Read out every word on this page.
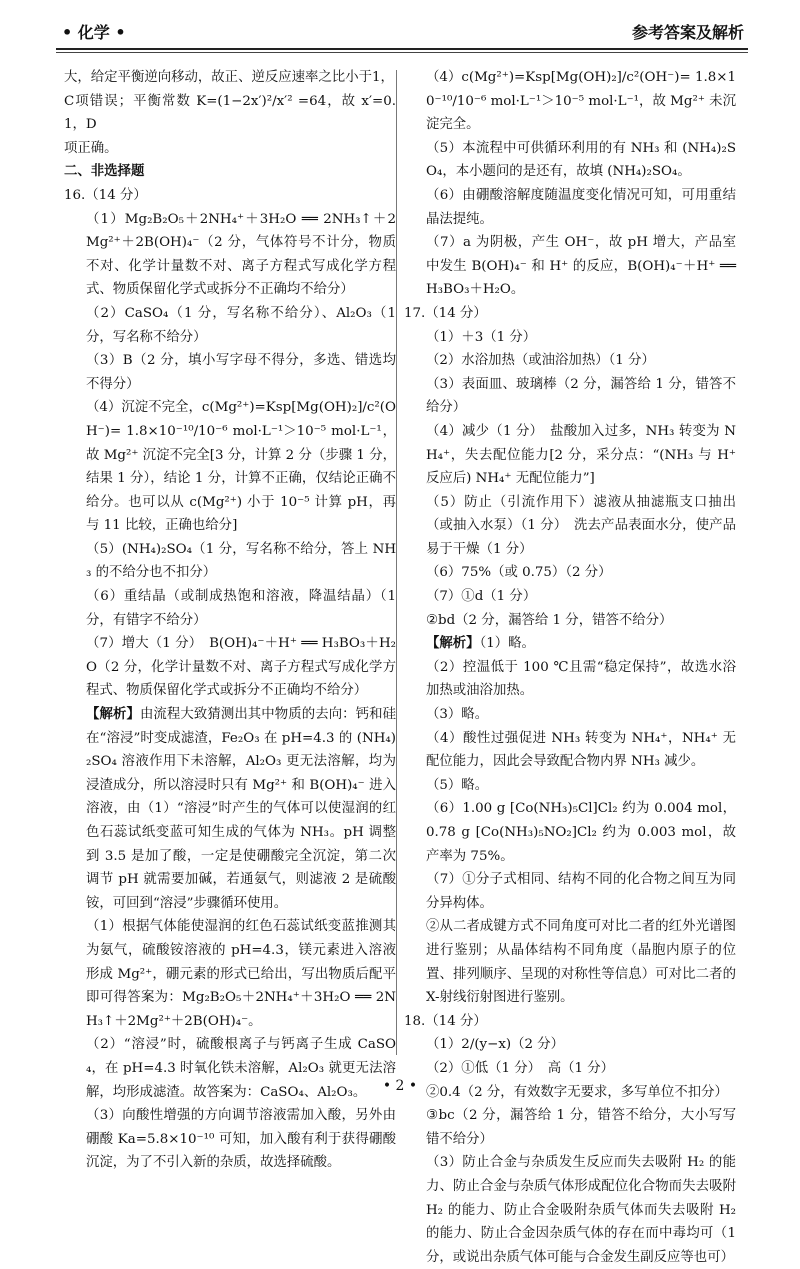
• 化学 •	参考答案及解析

大，给定平衡逆向移动，故正、逆反应速率之比小于1，

C项错误；平衡常数 K=(1−2x′)²/x′² =64，故 x′=0.1，D

项正确。

二、非选择题

16.（14 分）

（1）Mg₂B₂O₅＋2NH₄⁺＋3H₂O ══ 2NH₃↑＋2Mg²⁺＋2B(OH)₄⁻（2 分，气体符号不计分，物质不对、化学计量数不对、离子方程式写成化学方程式、物质保留化学式或拆分不正确均不给分）

（2）CaSO₄（1 分，写名称不给分）、Al₂O₃（1 分，写名称不给分）

（3）B（2 分，填小写字母不得分，多选、错选均不得分）

（4）沉淀不完全，c(Mg²⁺)=Ksp[Mg(OH)₂]/c²(OH⁻)= 1.8×10⁻¹⁰/10⁻⁶ mol·L⁻¹＞10⁻⁵ mol·L⁻¹，故 Mg²⁺ 沉淀不完全[3 分，计算 2 分（步骤 1 分，结果 1 分），结论 1 分，计算不正确，仅结论正确不给分。也可以从 c(Mg²⁺) 小于 10⁻⁵ 计算 pH，再与 11 比较，正确也给分]

（5）(NH₄)₂SO₄（1 分，写名称不给分，答上 NH₃ 的不给分也不扣分）

（6）重结晶（或制成热饱和溶液，降温结晶）（1 分，有错字不给分）

（7）增大（1 分）　B(OH)₄⁻＋H⁺ ══ H₃BO₃＋H₂O（2 分，化学计量数不对、离子方程式写成化学方程式、物质保留化学式或拆分不正确均不给分）

【解析】由流程大致猜测出其中物质的去向：钙和硅在“溶浸”时变成滤渣，Fe₂O₃ 在 pH=4.3 的 (NH₄)₂SO₄ 溶液作用下未溶解，Al₂O₃ 更无法溶解，均为浸渣成分，所以溶浸时只有 Mg²⁺ 和 B(OH)₄⁻ 进入溶液，由（1）“溶浸”时产生的气体可以使湿润的红色石蕊试纸变蓝可知生成的气体为 NH₃。pH 调整到 3.5 是加了酸，一定是使硼酸完全沉淀，第二次调节 pH 就需要加碱，若通氨气，则滤液 2 是硫酸铵，可回到“溶浸”步骤循环使用。

（1）根据气体能使湿润的红色石蕊试纸变蓝推测其为氨气，硫酸铵溶液的 pH=4.3，镁元素进入溶液形成 Mg²⁺，硼元素的形式已给出，写出物质后配平即可得答案为：Mg₂B₂O₅＋2NH₄⁺＋3H₂O ══ 2NH₃↑＋2Mg²⁺＋2B(OH)₄⁻。

（2）“溶浸”时，硫酸根离子与钙离子生成 CaSO₄，在 pH=4.3 时氧化铁未溶解，Al₂O₃ 就更无法溶解，均形成滤渣。故答案为：CaSO₄、Al₂O₃。

（3）向酸性增强的方向调节溶液需加入酸，另外由硼酸 Ka=5.8×10⁻¹⁰ 可知，加入酸有利于获得硼酸沉淀，为了不引入新的杂质，故选择硫酸。

（4）c(Mg²⁺)=Ksp[Mg(OH)₂]/c²(OH⁻)= 1.8×10⁻¹⁰/10⁻⁶ mol·L⁻¹＞10⁻⁵ mol·L⁻¹，故 Mg²⁺ 未沉淀完全。

（5）本流程中可供循环利用的有 NH₃ 和 (NH₄)₂SO₄，本小题问的是还有，故填 (NH₄)₂SO₄。

（6）由硼酸溶解度随温度变化情况可知，可用重结晶法提纯。

（7）a 为阴极，产生 OH⁻，故 pH 增大，产品室中发生 B(OH)₄⁻ 和 H⁺ 的反应，B(OH)₄⁻＋H⁺ ══ H₃BO₃＋H₂O。

17.（14 分）

（1）＋3（1 分）

（2）水浴加热（或油浴加热）（1 分）

（3）表面皿、玻璃棒（2 分，漏答给 1 分，错答不给分）

（4）减少（1 分）　盐酸加入过多，NH₃ 转变为 NH₄⁺，失去配位能力[2 分，采分点：“(NH₃ 与 H⁺ 反应后) NH₄⁺ 无配位能力”]

（5）防止（引流作用下）滤液从抽滤瓶支口抽出（或抽入水泵）（1 分）　洗去产品表面水分，使产品易于干燥（1 分）

（6）75%（或 0.75）（2 分）

（7）①d（1 分）

②bd（2 分，漏答给 1 分，错答不给分）

【解析】（1）略。

（2）控温低于 100 ℃且需“稳定保持”，故选水浴加热或油浴加热。

（3）略。

（4）酸性过强促进 NH₃ 转变为 NH₄⁺，NH₄⁺ 无配位能力，因此会导致配合物内界 NH₃ 减少。

（5）略。

（6）1.00 g [Co(NH₃)₅Cl]Cl₂ 约为 0.004 mol，0.78 g [Co(NH₃)₅NO₂]Cl₂ 约为 0.003 mol，故产率为 75%。

（7）①分子式相同、结构不同的化合物之间互为同分异构体。

②从二者成键方式不同角度可对比二者的红外光谱图进行鉴别；从晶体结构不同角度（晶胞内原子的位置、排列顺序、呈现的对称性等信息）可对比二者的 X-射线衍射图进行鉴别。

18.（14 分）

（1）2/(y−x)（2 分）

（2）①低（1 分）　高（1 分）

②0.4（2 分，有效数字无要求，多写单位不扣分）

③bc（2 分，漏答给 1 分，错答不给分，大小写写错不给分）

（3）防止合金与杂质发生反应而失去吸附 H₂ 的能力、防止合金与杂质气体形成配位化合物而失去吸附 H₂ 的能力、防止合金吸附杂质气体而失去吸附 H₂ 的能力、防止合金因杂质气体的存在而中毒均可（1 分，或说出杂质气体可能与合金发生副反应等也可）

• 2 •
